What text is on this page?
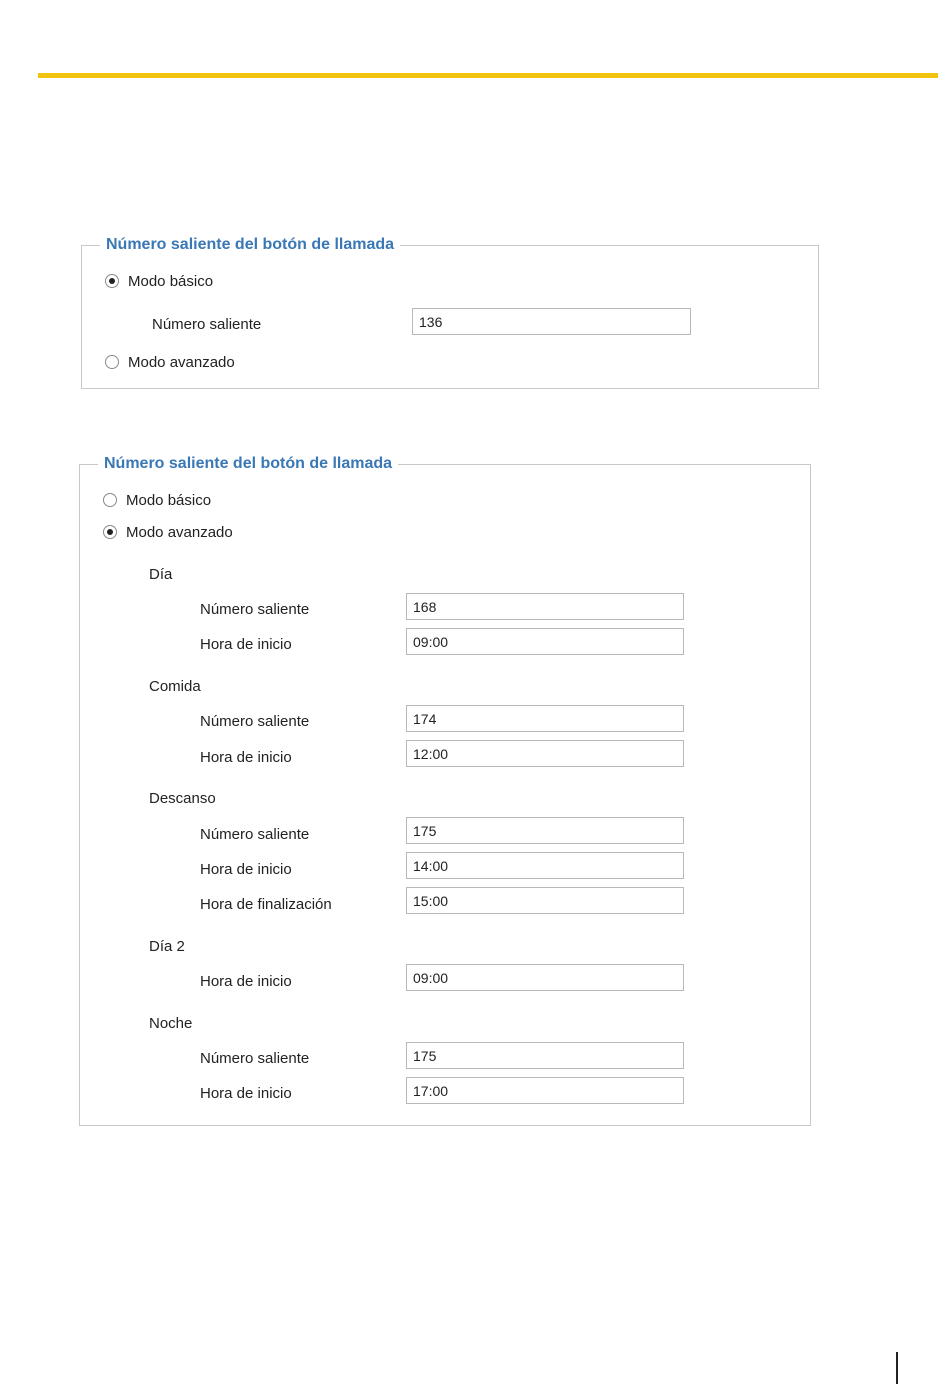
Número saliente del botón de llamada
Modo básico
Número saliente
136
Modo avanzado
Número saliente del botón de llamada
Modo básico
Modo avanzado
Día
Número saliente
168
Hora de inicio
09:00
Comida
Número saliente
174
Hora de inicio
12:00
Descanso
Número saliente
175
Hora de inicio
14:00
Hora de finalización
15:00
Día 2
Hora de inicio
09:00
Noche
Número saliente
175
Hora de inicio
17:00
